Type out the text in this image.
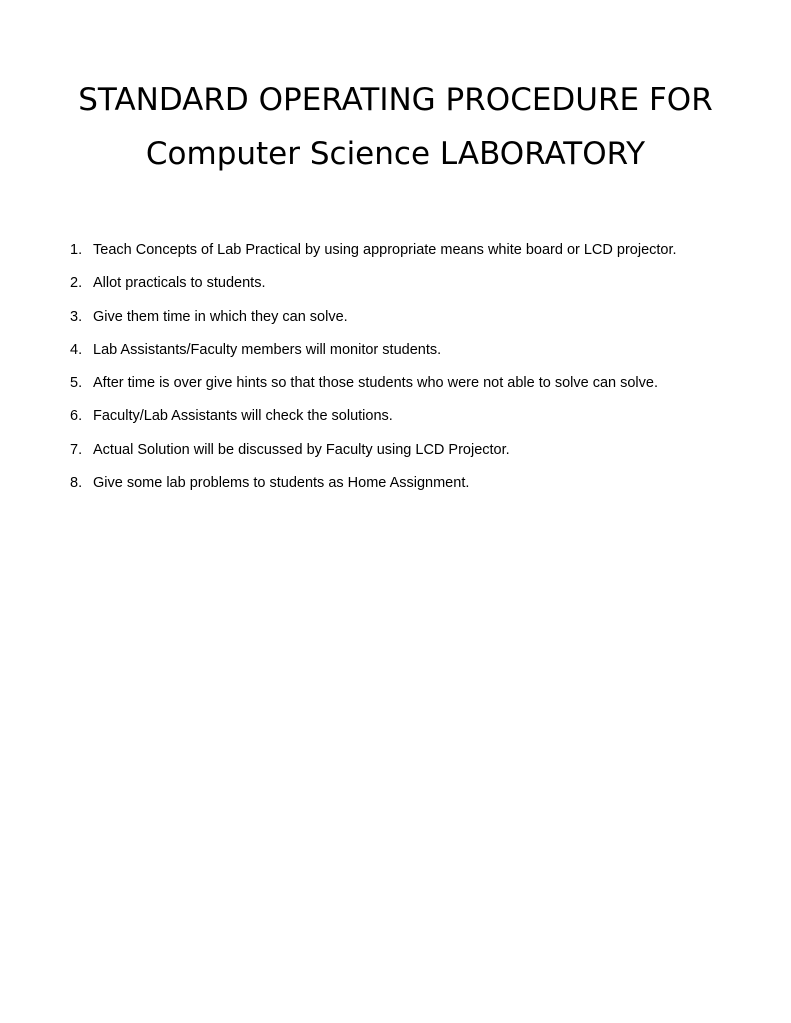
STANDARD OPERATING PROCEDURE FOR
Computer Science LABORATORY
1. Teach Concepts of Lab Practical by using appropriate means white board or LCD projector.
2. Allot practicals to students.
3. Give them time in which they can solve.
4. Lab Assistants/Faculty members will monitor students.
5. After time is over give hints so that those students who were not able to solve can solve.
6. Faculty/Lab Assistants will check the solutions.
7. Actual Solution will be discussed by Faculty using LCD Projector.
8. Give some lab problems to students as Home Assignment.
